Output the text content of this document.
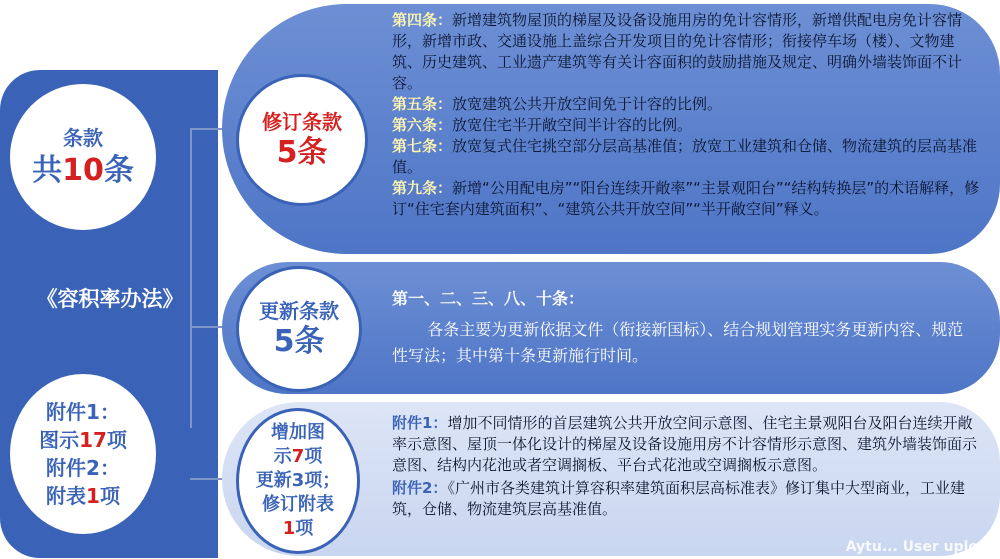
条款
共10条
《容积率办法》
附件1：
图示17项
附件2：
附表1项
修订条款
5条

第四条：新增建筑物屋顶的梯屋及设备设施用房的免计容情形，新增供配电房免计容情形，新增市政、交通设施上盖综合开发项目的免计容情形；衔接停车场（楼）、文物建筑、历史建筑、工业遗产建筑等有关计容面积的鼓励措施及规定、明确外墙装饰面不计容。

第五条：放宽建筑公共开放空间免于计容的比例。

第六条：放宽住宅半开敞空间半计容的比例。

第七条：放宽复式住宅挑空部分层高基准值；放宽工业建筑和仓储、物流建筑的层高基准值。

第九条：新增“公用配电房”“阳台连续开敞率”“主景观阳台”“结构转换层”的术语解释，修订“住宅套内建筑面积”、“建筑公共开放空间”“半开敞空间”释义。

更新条款
5条

第一、二、三、八、十条：

各条主要为更新依据文件（衔接新国标）、结合规划管理实务更新内容、规范性写法；其中第十条更新施行时间。

增加图
示7项
更新3项；
修订附表
1项

附件1：增加不同情形的首层建筑公共开放空间示意图、住宅主景观阳台及阳台连续开敞率示意图、屋顶一体化设计的梯屋及设备设施用房不计容情形示意图、建筑外墙装饰面示意图、结构内花池或者空调搁板、平台式花池或空调搁板示意图。

附件2：《广州市各类建筑计算容积率建筑面积层高标准表》修订集中大型商业，工业建筑，仓储、物流建筑层高基准值。

Aytu... User uplo...
